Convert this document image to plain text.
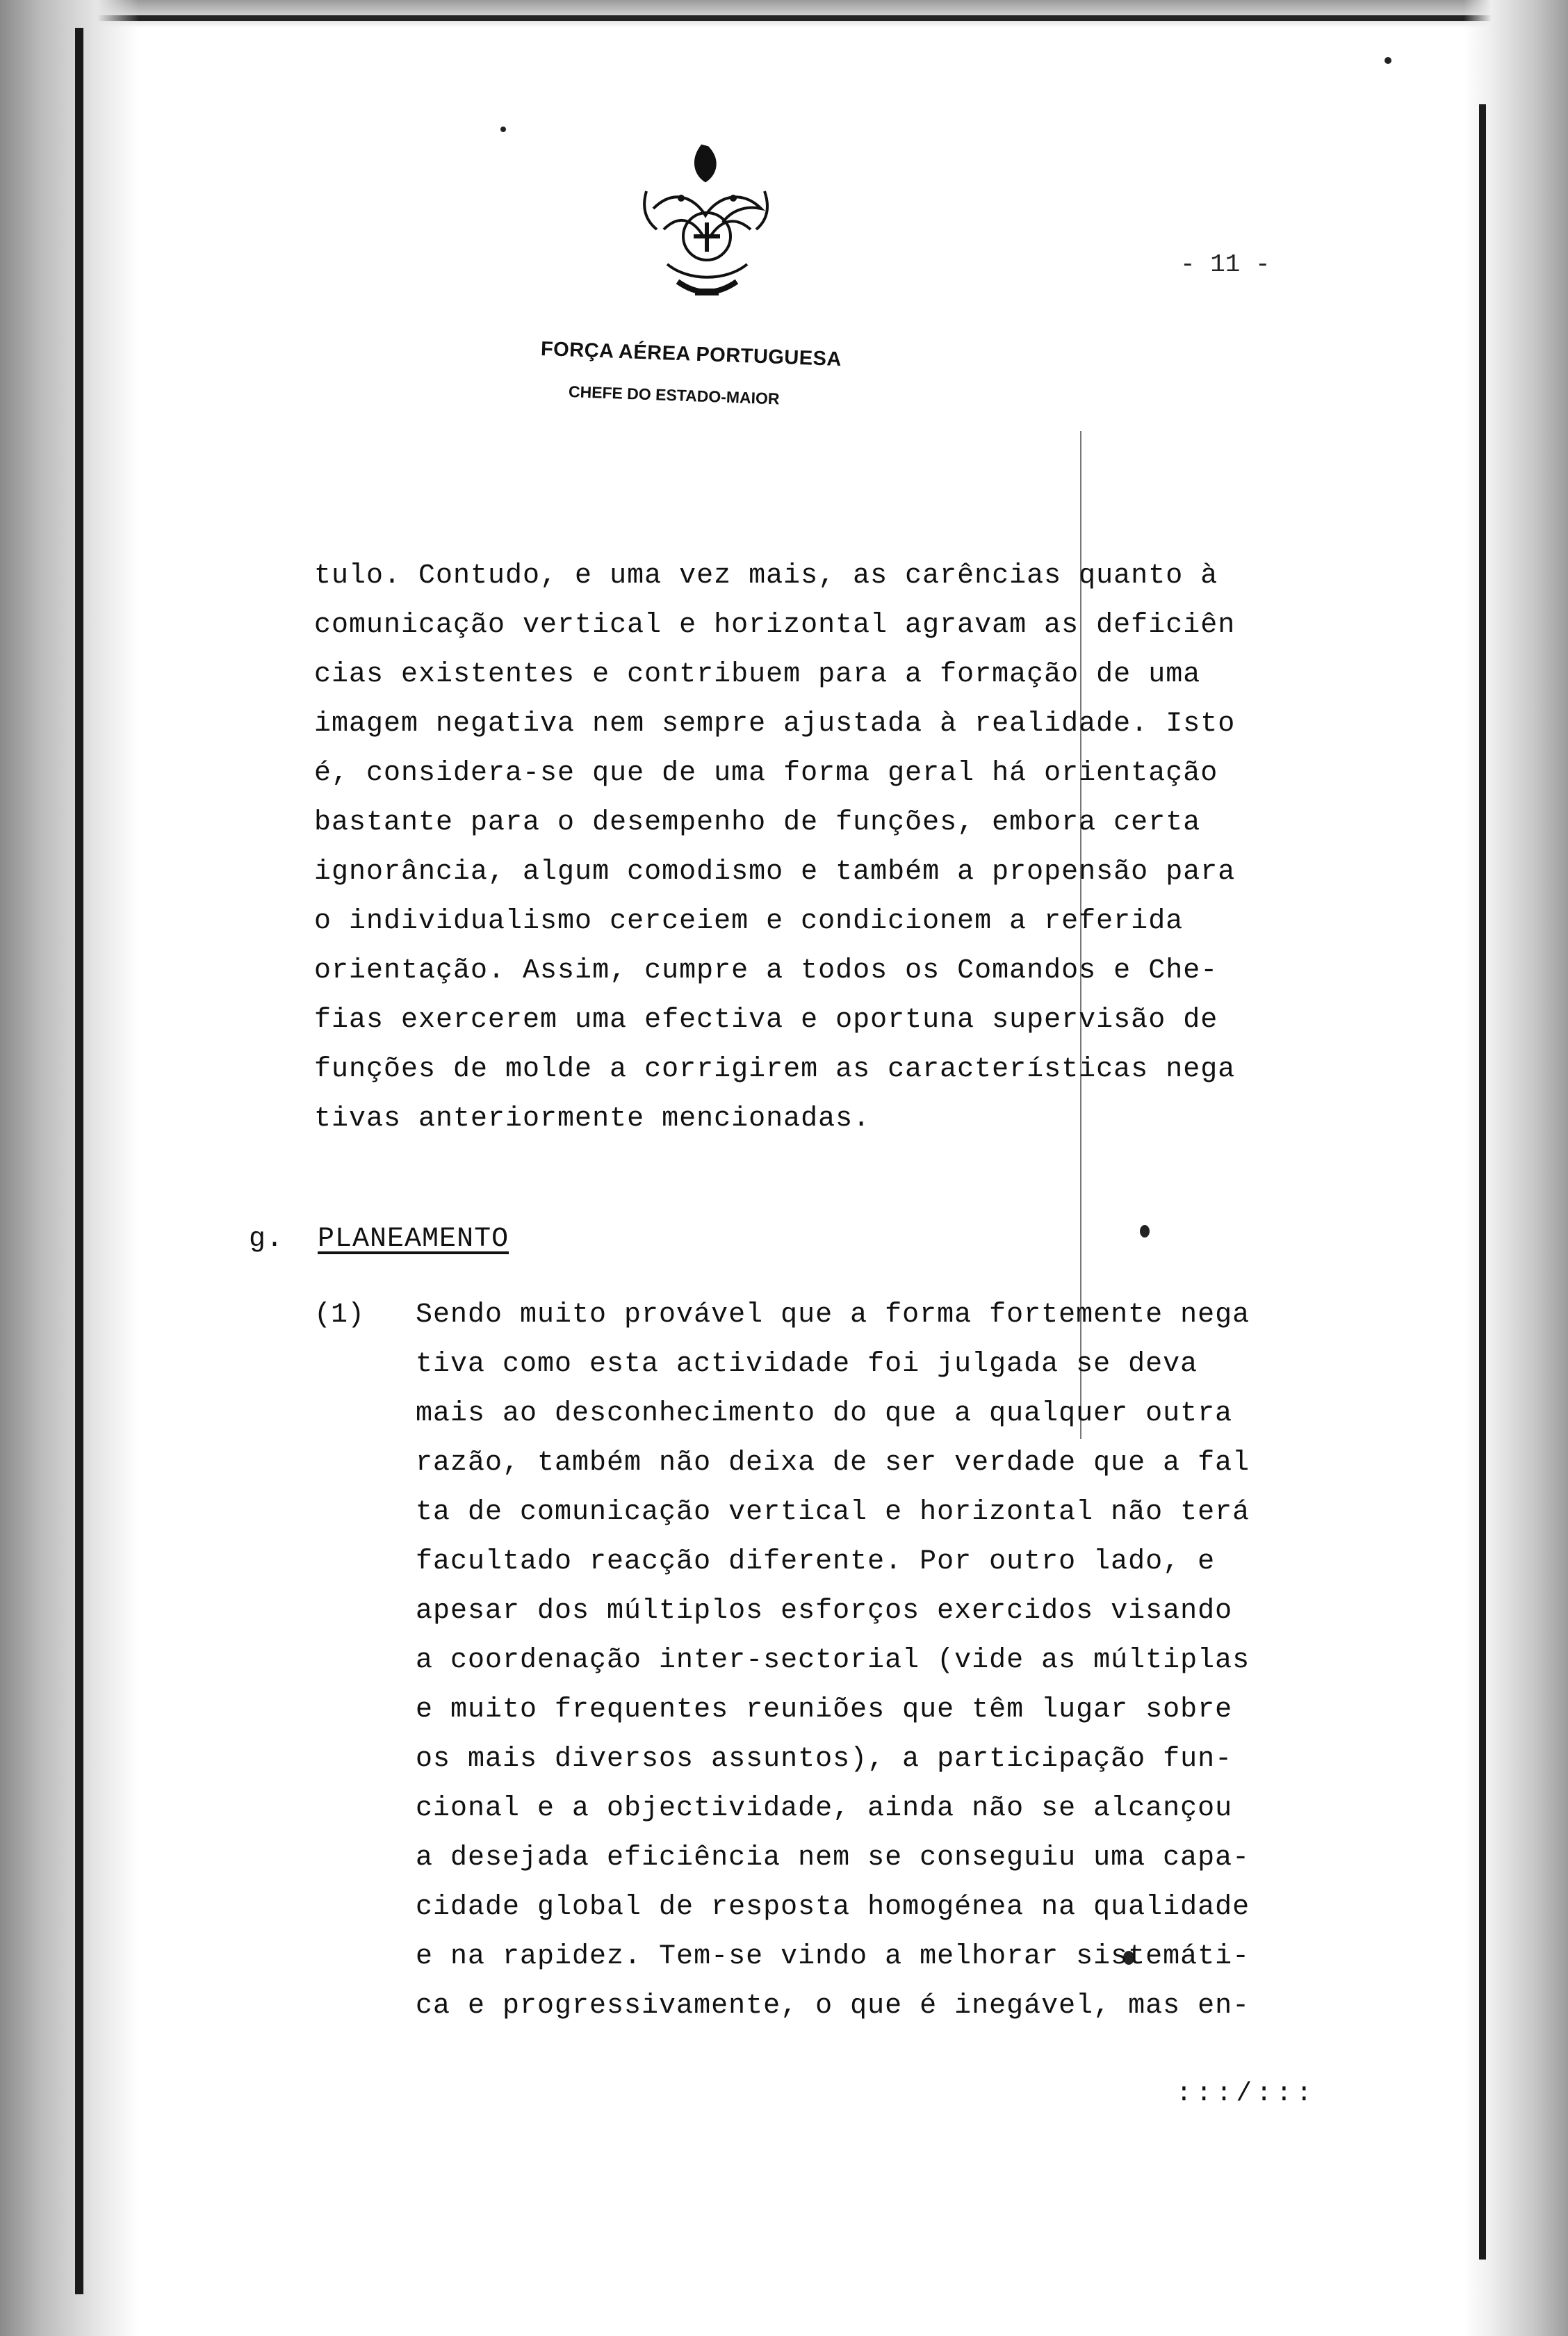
FORÇA AÉREA PORTUGUESA
CHEFE DO ESTADO-MAIOR
- 11 -
tulo. Contudo, e uma vez mais, as carências quanto à
comunicação vertical e horizontal agravam as deficiên
cias existentes e contribuem para a formação de uma
imagem negativa nem sempre ajustada à realidade. Isto
é, considera-se que de uma forma geral há orientação
bastante para o desempenho de funções, embora certa
ignorância, algum comodismo e também a propensão para
o individualismo cerceiem e condicionem a referida
orientação. Assim, cumpre a todos os Comandos e Che-
fias exercerem uma efectiva e oportuna supervisão de
funções de molde a corrigirem as características nega
tivas anteriormente mencionadas.
g. PLANEAMENTO
(1) Sendo muito provável que a forma fortemente nega
tiva como esta actividade foi julgada se deva
mais ao desconhecimento do que a qualquer outra
razão, também não deixa de ser verdade que a fal
ta de comunicação vertical e horizontal não terá
facultado reacção diferente. Por outro lado, e
apesar dos múltiplos esforços exercidos visando
a coordenação inter-sectorial (vide as múltiplas
e muito frequentes reuniões que têm lugar sobre
os mais diversos assuntos), a participação fun-
cional e a objectividade, ainda não se alcançou
a desejada eficiência nem se conseguiu uma capa-
cidade global de resposta homogénea na qualidade
e na rapidez. Tem-se vindo a melhorar sistemáti-
ca e progressivamente, o que é inegável, mas en-
:::/:::
